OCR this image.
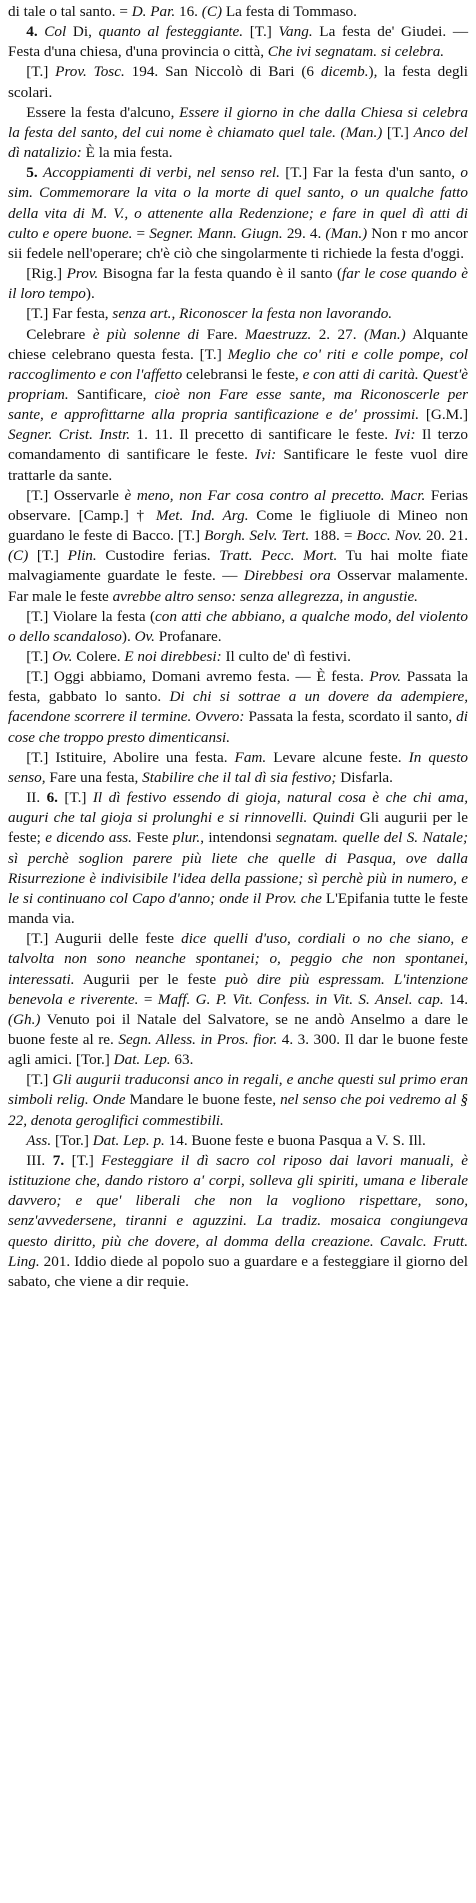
di tale o tal santo. = D. Par. 16. (C) La festa di Tommaso.

4. Col Di, quanto al festeggiante. [T.] Vang. La festa de' Giudei. — Festa d'una chiesa, d'una provincia o città, Che ivi segnatam. si celebra.

[T.] Prov. Tosc. 194. San Niccolò di Bari (6 dicemb.), la festa degli scolari.

Essere la festa d'alcuno, Essere il giorno in che dalla Chiesa si celebra la festa del santo, del cui nome è chiamato quel tale. (Man.) [T.] Anco del dì natalizio: È la mia festa.

5. Accoppiamenti di verbi, nel senso rel. [T.] Far la festa d'un santo, o sim. Commemorare la vita o la morte di quel santo, o un qualche fatto della vita di M. V., o attenente alla Redenzione; e fare in quel dì atti di culto e opere buone. = Segner. Mann. Giugn. 29. 4. (Man.) Non r mo ancor sii fedele nell'operare; ch'è ciò che singolarmente ti richiede la festa d'oggi.

[Rig.] Prov. Bisogna far la festa quando è il santo (far le cose quando è il loro tempo).

[T.] Far festa, senza art., Riconoscer la festa non lavorando.

Celebrare è più solenne di Fare. Maestruzz. 2. 27. (Man.) Alquante chiese celebrano questa festa. [T.] Meglio che co' riti e colle pompe, col raccoglimento e con l'affetto celebransi le feste, e con atti di carità. Quest'è propriam. Santificare, cioè non Fare esse sante, ma Riconoscerle per sante, e approfittarne alla propria santificazione e de' prossimi. [G.M.] Segner. Crist. Instr. 1. 11. Il precetto di santificare le feste. Ivi: Il terzo comandamento di santificare le feste. Ivi: Santificare le feste vuol dire trattarle da sante.

[T.] Osservarle è meno, non Far cosa contro al precetto. Macr. Ferias observare. [Camp.] † Met. Ind. Arg. Come le figliuole di Mineo non guardano le feste di Bacco. [T.] Borgh. Selv. Tert. 188. = Bocc. Nov. 20. 21. (C) [T.] Plin. Custodire ferias. Tratt. Pecc. Mort. Tu hai molte fiate malvagiamente guardate le feste. — Direbbesi ora Osservar malamente. Far male le feste avrebbe altro senso: senza allegrezza, in angustie.

[T.] Violare la festa (con atti che abbiano, a qualche modo, del violento o dello scandaloso). Ov. Profanare.

[T.] Ov. Colere. E noi direbbesi: Il culto de' dì festivi.

[T.] Oggi abbiamo, Domani avremo festa. — È festa. Prov. Passata la festa, gabbato lo santo. Di chi si sottrae a un dovere da adempiere, facendone scorrere il termine. Ovvero: Passata la festa, scordato il santo, di cose che troppo presto dimenticansi.

[T.] Istituire, Abolire una festa. Fam. Levare alcune feste. In questo senso, Fare una festa, Stabilire che il tal dì sia festivo; Disfarla.

II. 6. [T.] Il dì festivo essendo di gioja, natural cosa è che chi ama, auguri che tal gioja si prolunghi e si rinnovelli. Quindi Gli augurii per le feste; e dicendo ass. Feste plur., intendonsi segnatam. quelle del S. Natale; sì perchè soglion parere più liete che quelle di Pasqua, ove dalla Risurrezione è indivisibile l'idea della passione; sì perchè più in numero, e le si continuano col Capo d'anno; onde il Prov. che L'Epifania tutte le feste manda via.

[T.] Augurii delle feste dice quelli d'uso, cordiali o no che siano, e talvolta non sono neanche spontanei; o, peggio che non spontanei, interessati. Augurii per le feste può dire più espressam. L'intenzione benevola e riverente. = Maff. G. P. Vit. Confess. in Vit. S. Ansel. cap. 14. (Gh.) Venuto poi il Natale del Salvatore, se ne andò Anselmo a dare le buone feste al re. Segn. Alless. in Pros. fior. 4. 3. 300. Il dar le buone feste agli amici. [Tor.] Dat. Lep. 63.

[T.] Gli augurii traduconsi anco in regali, e anche questi sul primo eran simboli relig. Onde Mandare le buone feste, nel senso che poi vedremo al § 22, denota geroglifici commestibili.

Ass. [Tor.] Dat. Lep. p. 14. Buone feste e buona Pasqua a V. S. Ill.

III. 7. [T.] Festeggiare il dì sacro col riposo dai lavori manuali, è istituzione che, dando ristoro a' corpi, solleva gli spiriti, umana e liberale davvero; e que' liberali che non la vogliono rispettare, sono, senz'avvedersene, tiranni e aguzzini. La tradiz. mosaica congiungeva questo diritto, più che dovere, al domma della creazione. Cavalc. Frutt. Ling. 201. Iddio diede al popolo suo a guardare e a festeggiare il giorno del sabato, che viene a dir requie.
